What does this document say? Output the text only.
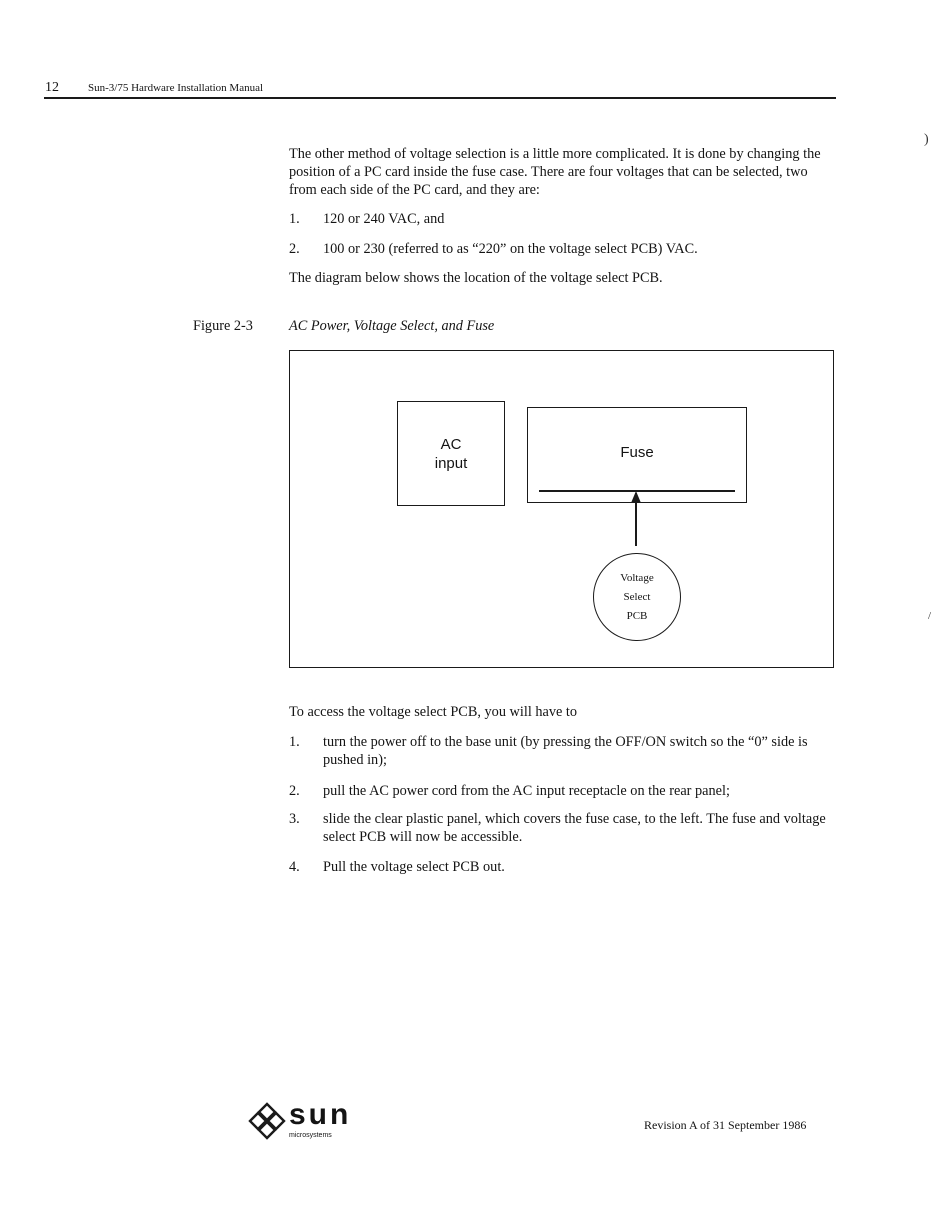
12	Sun-3/75 Hardware Installation Manual
The other method of voltage selection is a little more complicated. It is done by changing the position of a PC card inside the fuse case. There are four voltages that can be selected, two from each side of the PC card, and they are:
1. 120 or 240 VAC, and
2. 100 or 230 (referred to as “220” on the voltage select PCB) VAC.
The diagram below shows the location of the voltage select PCB.
Figure 2-3	AC Power, Voltage Select, and Fuse
AC
input
Fuse
Voltage
Select
PCB
To access the voltage select PCB, you will have to
1. turn the power off to the base unit (by pressing the OFF/ON switch so the “0” side is pushed in);
2. pull the AC power cord from the AC input receptacle on the rear panel;
3. slide the clear plastic panel, which covers the fuse case, to the left. The fuse and voltage select PCB will now be accessible.
4. Pull the voltage select PCB out.
)
/
sun
microsystems
Revision A of 31 September 1986
